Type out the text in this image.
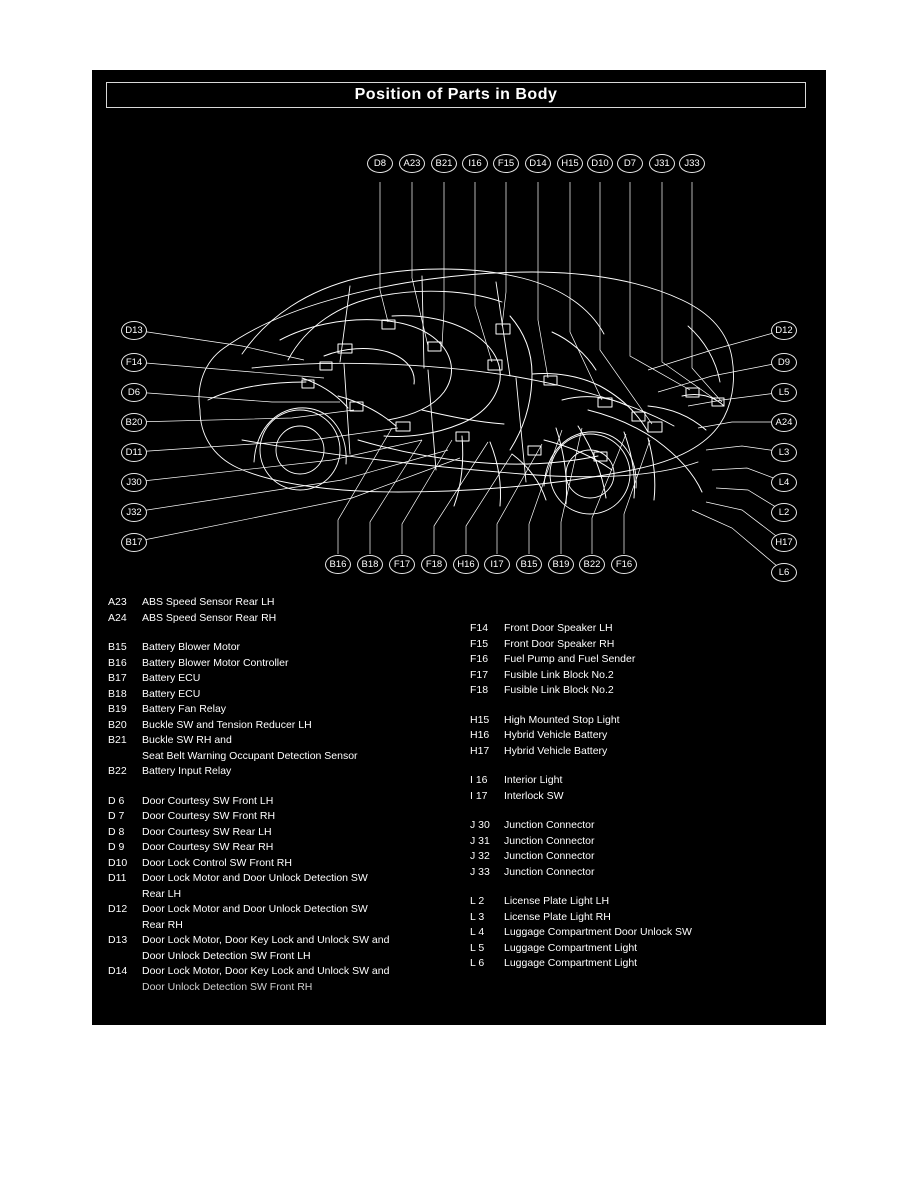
Position of Parts in Body
D8	A23	B21	I16	F15	D14	H15	D10	D7	J31	J33
D13
F14
D6
B20
D11
J30
J32
B17
D12
D9
L5
A24
L3
L4
L2
H17
L6
B16	B18	F17	F18	H16	I17	B15	B19	B22	F16
A23	ABS Speed Sensor Rear LH
A24	ABS Speed Sensor Rear RH
B15	Battery Blower Motor
B16	Battery Blower Motor Controller
B17	Battery ECU
B18	Battery ECU
B19	Battery Fan Relay
B20	Buckle SW and Tension Reducer LH
B21	Buckle SW RH and
Seat Belt Warning Occupant Detection Sensor
B22	Battery Input Relay
D 6	Door Courtesy SW Front LH
D 7	Door Courtesy SW Front RH
D 8	Door Courtesy SW Rear LH
D 9	Door Courtesy SW Rear RH
D10	Door Lock Control SW Front RH
D11	Door Lock Motor and Door Unlock Detection SW
Rear LH
D12	Door Lock Motor and Door Unlock Detection SW
Rear RH
D13	Door Lock Motor, Door Key Lock and Unlock SW and
Door Unlock Detection SW Front LH
D14	Door Lock Motor, Door Key Lock and Unlock SW and
Door Unlock Detection SW Front RH
F14	Front Door Speaker LH
F15	Front Door Speaker RH
F16	Fuel Pump and Fuel Sender
F17	Fusible Link Block No.2
F18	Fusible Link Block No.2
H15	High Mounted Stop Light
H16	Hybrid Vehicle Battery
H17	Hybrid Vehicle Battery
I 16	Interior Light
I 17	Interlock SW
J 30	Junction Connector
J 31	Junction Connector
J 32	Junction Connector
J 33	Junction Connector
L 2	License Plate Light LH
L 3	License Plate Light RH
L 4	Luggage Compartment Door Unlock SW
L 5	Luggage Compartment Light
L 6	Luggage Compartment Light
